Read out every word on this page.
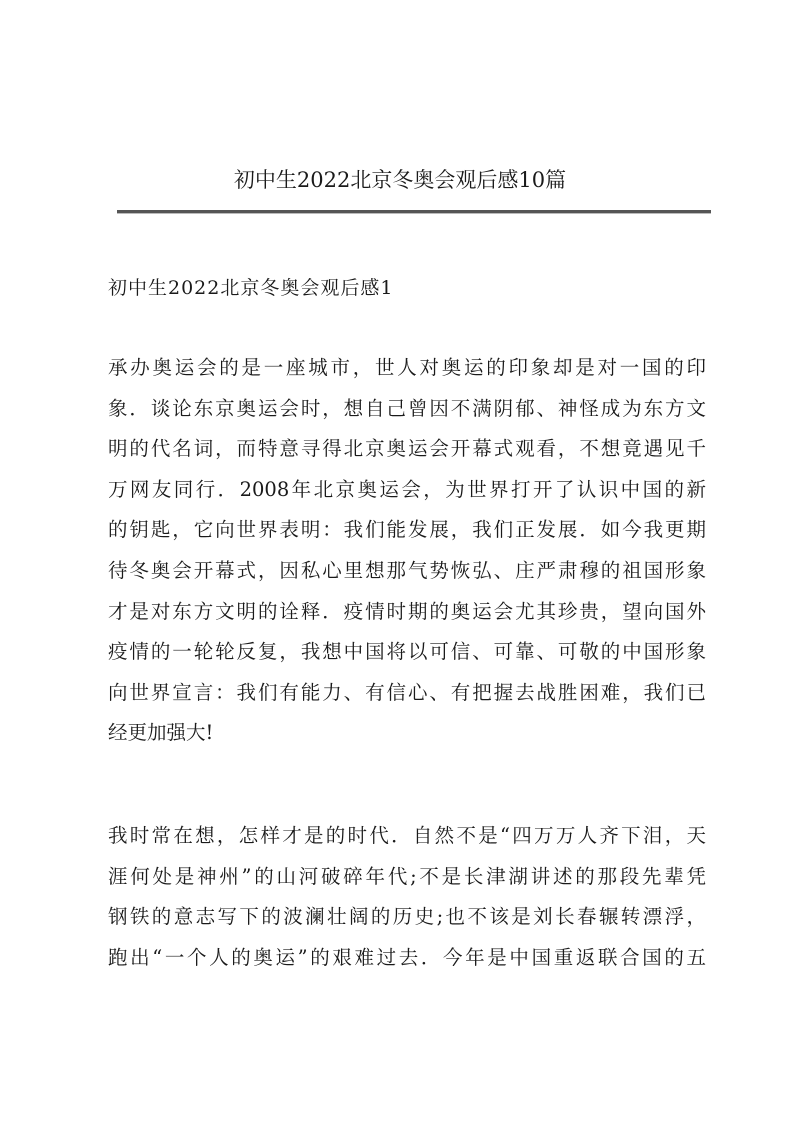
初中生2022北京冬奥会观后感10篇
初中生2022北京冬奥会观后感1
承办奥运会的是一座城市，世人对奥运的印象却是对一国的印
象．谈论东京奥运会时，想自己曾因不满阴郁、神怪成为东方文
明的代名词，而特意寻得北京奥运会开幕式观看，不想竟遇见千
万网友同行．2008年北京奥运会，为世界打开了认识中国的新
的钥匙，它向世界表明：我们能发展，我们正发展．如今我更期
待冬奥会开幕式，因私心里想那气势恢弘、庄严肃穆的祖国形象
才是对东方文明的诠释．疫情时期的奥运会尤其珍贵，望向国外
疫情的一轮轮反复，我想中国将以可信、可靠、可敬的中国形象
向世界宣言：我们有能力、有信心、有把握去战胜困难，我们已
经更加强大!
我时常在想，怎样才是的时代．自然不是“四万万人齐下泪，天
涯何处是神州”的山河破碎年代;不是长津湖讲述的那段先辈凭
钢铁的意志写下的波澜壮阔的历史;也不该是刘长春辗转漂浮，
跑出“一个人的奥运”的艰难过去．今年是中国重返联合国的五
